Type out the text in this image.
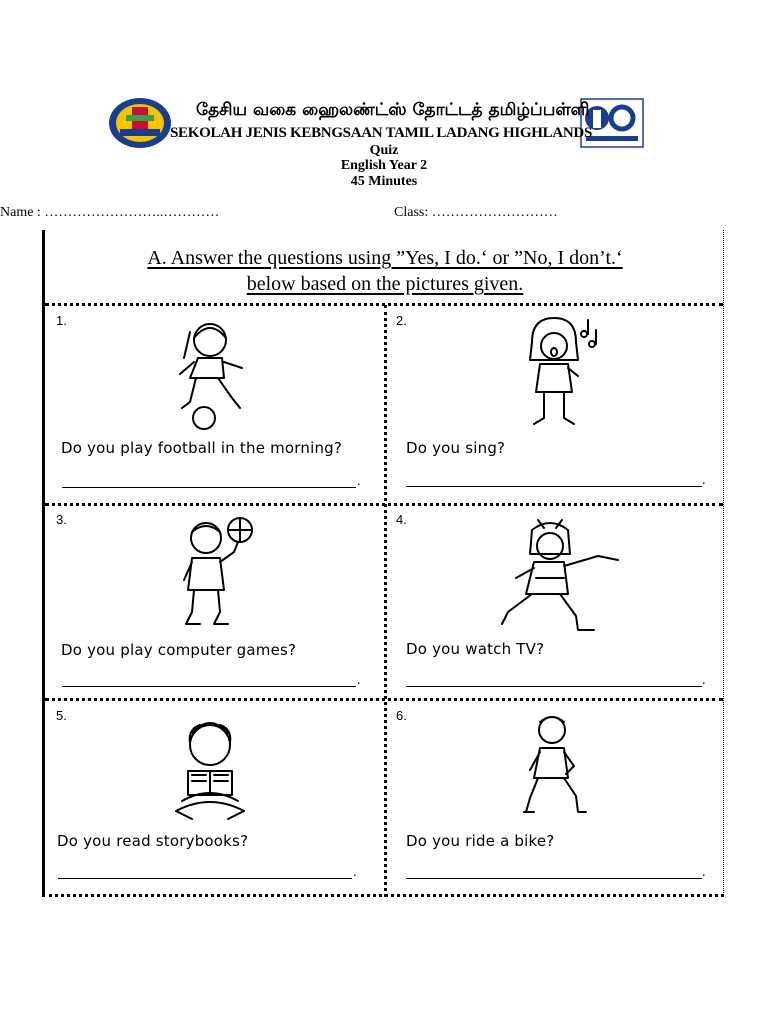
தேசிய வகை ஹைலண்ட்ஸ் தோட்டத் தமிழ்ப்பள்ளி
SEKOLAH JENIS KEBNGSAAN TAMIL LADANG HIGHLANDS
Quiz
English Year 2
45 Minutes
Name : ……………………..…………	Class: ………………………
A. Answer the questions using ”Yes, I do.‘ or ”No, I don’t.‘
below based on the pictures given.
1.
Do you play football in the morning?
.
2.
Do you sing?
.
3.
Do you play computer games?
.
4.
Do you watch TV?
.
5.
Do you read storybooks?
.
6.
Do you ride a bike?
.
